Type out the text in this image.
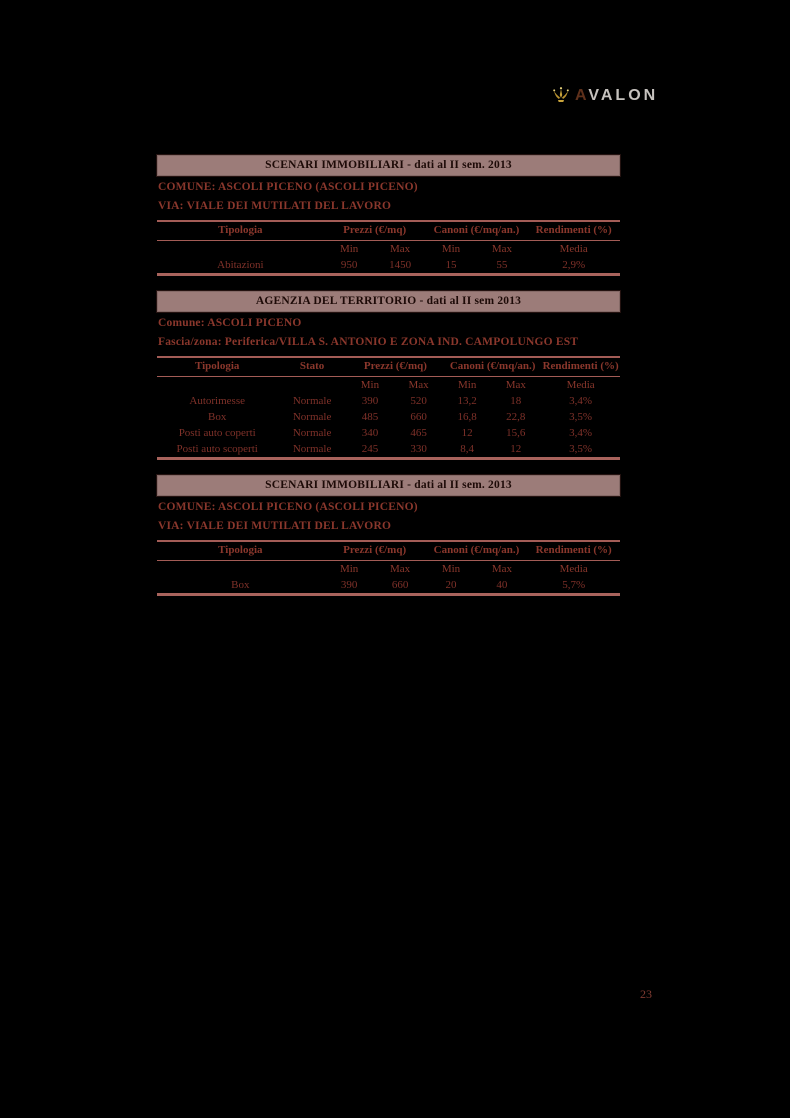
AVALON
SCENARI IMMOBILIARI - dati al II sem. 2013
COMUNE: ASCOLI PICENO (ASCOLI PICENO)
VIA: VIALE DEI MUTILATI DEL LAVORO
Tipologia	Prezzi (€/mq)		Canoni (€/mq/an.)		Rendimenti (%)
	Min	Max	Min	Max	Media
Abitazioni	950	1450	15	55	2,9%
AGENZIA DEL TERRITORIO - dati al II sem 2013
Comune: ASCOLI PICENO
Fascia/zona: Periferica/VILLA S. ANTONIO E ZONA IND. CAMPOLUNGO EST
Tipologia	Stato	Prezzi (€/mq)		Canoni (€/mq/an.)		Rendimenti (%)
		Min	Max	Min	Max	Media
Autorimesse	Normale	390	520	13,2	18	3,4%
Box	Normale	485	660	16,8	22,8	3,5%
Posti auto coperti	Normale	340	465	12	15,6	3,4%
Posti auto scoperti	Normale	245	330	8,4	12	3,5%
SCENARI IMMOBILIARI - dati al II sem. 2013
COMUNE: ASCOLI PICENO (ASCOLI PICENO)
VIA: VIALE DEI MUTILATI DEL LAVORO
Tipologia	Prezzi (€/mq)		Canoni (€/mq/an.)		Rendimenti (%)
	Min	Max	Min	Max	Media
Box	390	660	20	40	5,7%
23
